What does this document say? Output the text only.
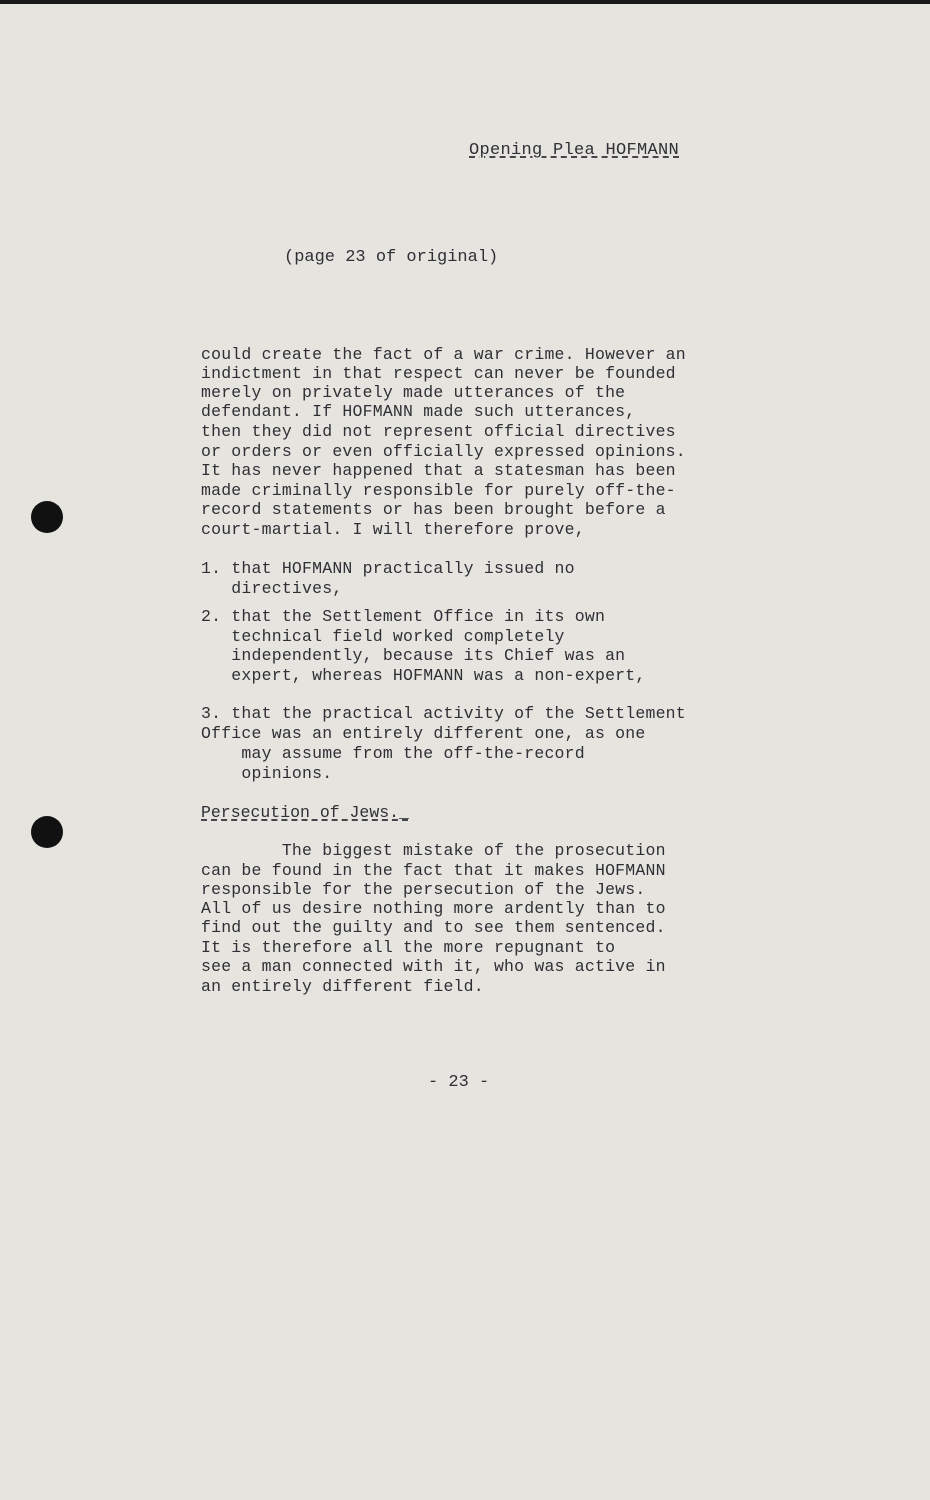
Opening Plea HOFMANN
(page 23 of original)
could create the fact of a war crime. However an
indictment in that respect can never be founded
merely on privately made utterances of the
defendant. If HOFMANN made such utterances,
then they did not represent official directives
or orders or even officially expressed opinions.
It has never happened that a statesman has been
made criminally responsible for purely off-the-
record statements or has been brought before a
court-martial. I will therefore prove,
1. that HOFMANN practically issued no
directives,
2. that the Settlement Office in its own
technical field worked completely
independently, because its Chief was an
expert, whereas HOFMANN was a non-expert,
3. that the practical activity of the Settlement
Office was an entirely different one, as one
may assume from the off-the-record
opinions.
Persecution of Jews._
The biggest mistake of the prosecution
can be found in the fact that it makes HOFMANN
responsible for the persecution of the Jews.
All of us desire nothing more ardently than to
find out the guilty and to see them sentenced.
It is therefore all the more repugnant to
see a man connected with it, who was active in
an entirely different field.
- 23 -
